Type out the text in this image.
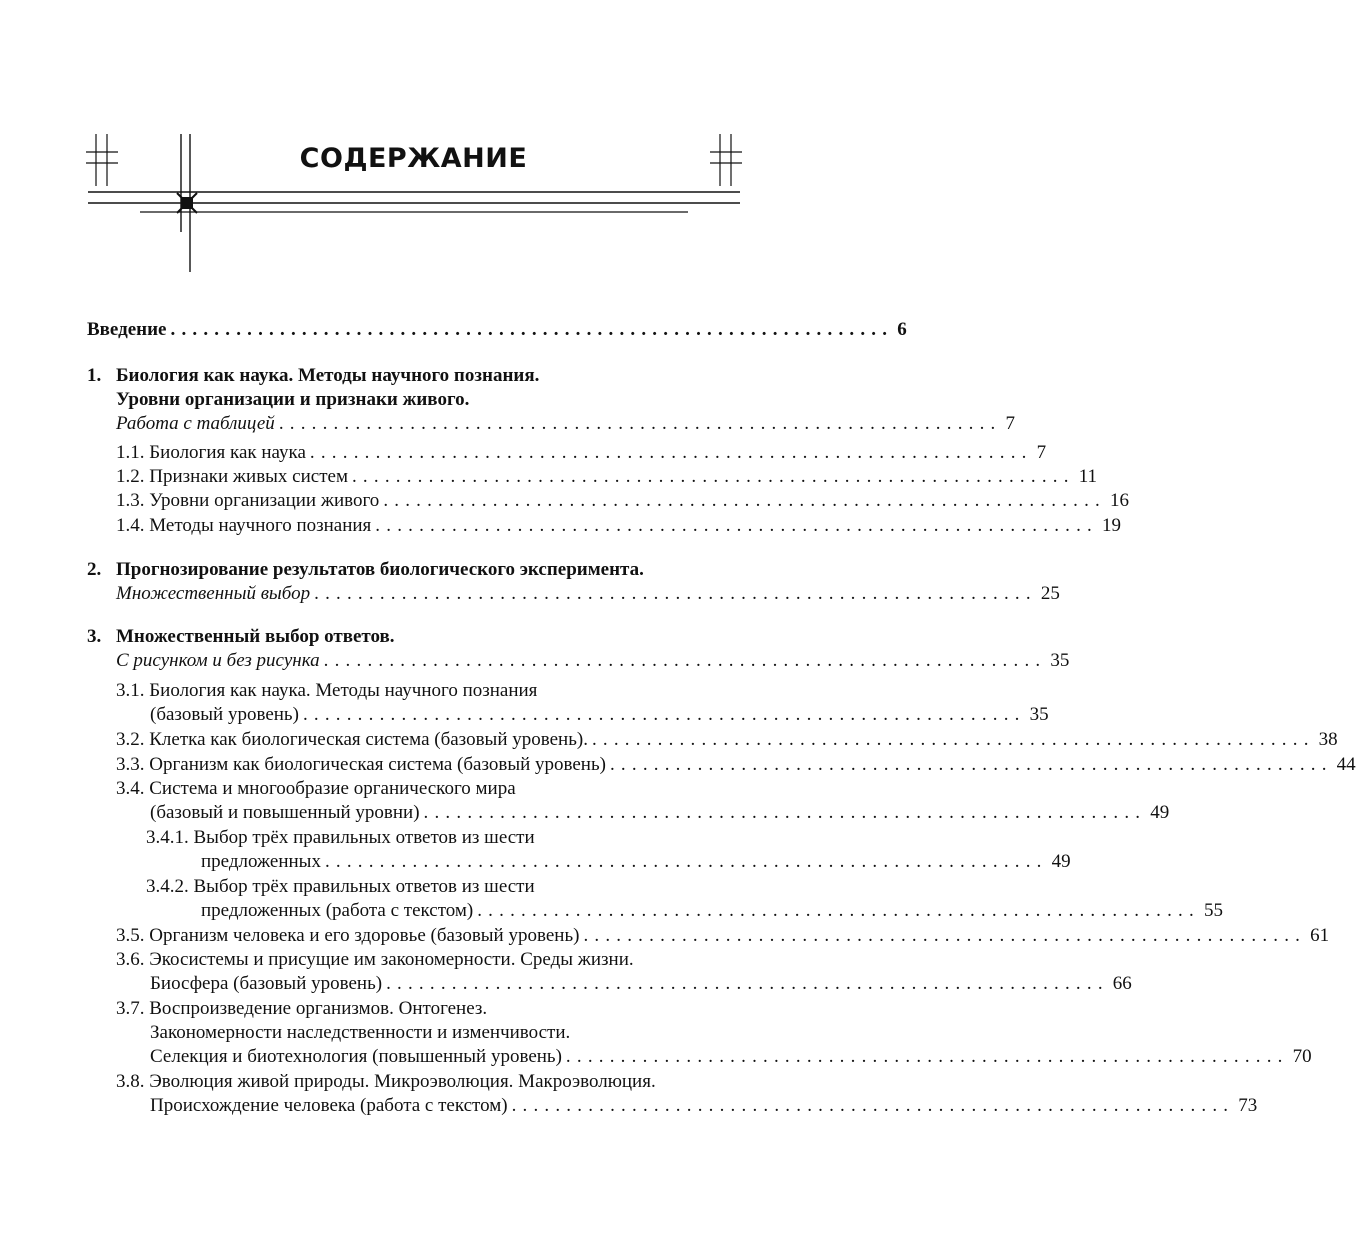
СОДЕРЖАНИЕ
Введение .................................................................. 6
1. Биология как наука. Методы научного познания.
Уровни организации и признаки живого.
Работа с таблицей .................................................................. 7
1.1. Биология как наука .................................................................. 7
1.2. Признаки живых систем .................................................................. 11
1.3. Уровни организации живого .................................................................. 16
1.4. Методы научного познания .................................................................. 19
2. Прогнозирование результатов биологического эксперимента.
Множественный выбор .................................................................. 25
3. Множественный выбор ответов.
С рисунком и без рисунка .................................................................. 35
3.1. Биология как наука. Методы научного познания
(базовый уровень) .................................................................. 35
3.2. Клетка как биологическая система (базовый уровень). .................................................................. 38
3.3. Организм как биологическая система (базовый уровень) .................................................................. 44
3.4. Система и многообразие органического мира
(базовый и повышенный уровни) .................................................................. 49
3.4.1. Выбор трёх правильных ответов из шести
предложенных .................................................................. 49
3.4.2. Выбор трёх правильных ответов из шести
предложенных (работа с текстом) .................................................................. 55
3.5. Организм человека и его здоровье (базовый уровень) .................................................................. 61
3.6. Экосистемы и присущие им закономерности. Среды жизни.
Биосфера (базовый уровень) .................................................................. 66
3.7. Воспроизведение организмов. Онтогенез.
Закономерности наследственности и изменчивости.
Селекция и биотехнология (повышенный уровень) .................................................................. 70
3.8. Эволюция живой природы. Микроэволюция. Макроэволюция.
Происхождение человека (работа с текстом) .................................................................. 73
